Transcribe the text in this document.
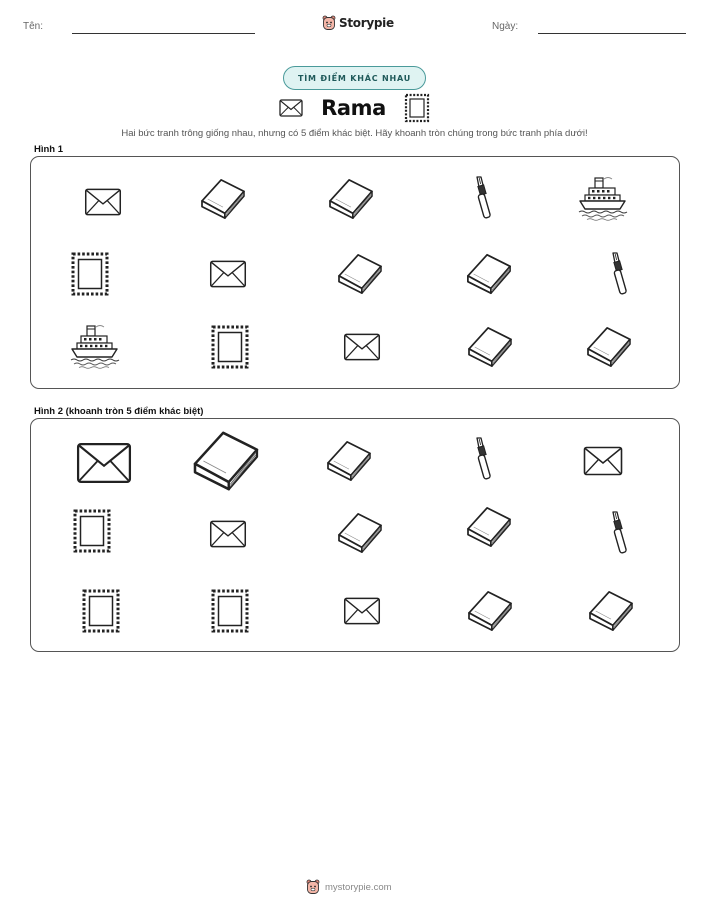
Tên:	Storypie	Ngày:
TÌM ĐIỂM KHÁC NHAU
Rama
Hai bức tranh trông giống nhau, nhưng có 5 điểm khác biệt. Hãy khoanh tròn chúng trong bức tranh phía dưới!
Hình 1
Hình 2 (khoanh tròn 5 điểm khác biệt)
mystorypie.com
